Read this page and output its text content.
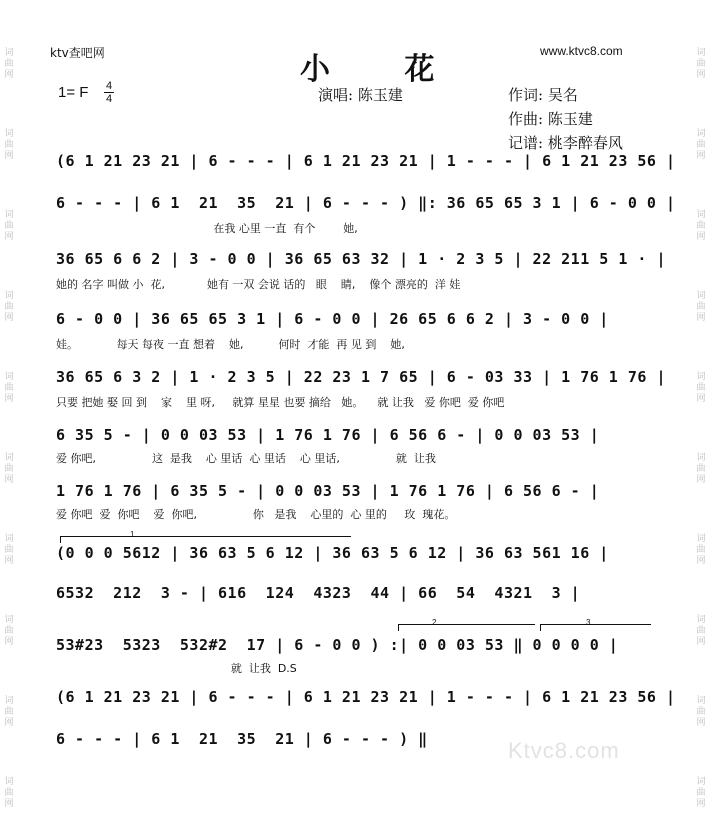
词曲网
词曲网
词曲网
词曲网
词曲网
词曲网
词曲网
词曲网
词曲网
词曲网
词曲网
词曲网
词曲网
词曲网
词曲网
词曲网
词曲网
词曲网
词曲网
词曲网
ktv查吧网	www.ktvc8.com
小 花
1= F $\frac{4}{4}$	演唱: 陈玉建	作词: 吴名
作曲: 陈玉建
记谱: 桃李醉春风
(6 1 21 23 21 | 6 - - - | 6 1 21 23 21 | 1 - - - | 6 1 21 23 56 |
6 - - - | 6 1  21  35  21 | 6 - - - ) ‖: 36 65 65 3 1 | 6 - 0 0 |
在我 心里 一直  有个        她,
36 65 6 6 2 | 3 - 0 0 | 36 65 63 32 | 1 · 2 3 5 | 22 211 5 1 · |
她的 名字 叫做 小  花,            她有 一双 会说 话的   眼    睛,    像个 漂亮的  洋 娃
6 - 0 0 | 36 65 65 3 1 | 6 - 0 0 | 26 65 6 6 2 | 3 - 0 0 |
娃。           每天 每夜 一直 想着    她,          何时  才能  再 见 到    她,
36 65 6 3 2 | 1 · 2 3 5 | 22 23 1 7 65 | 6 - 03 33 | 1 76 1 76 |
只要 把她 娶 回 到    家    里 呀,     就算 星星 也要 摘给   她。    就 让我   爱 你吧  爱 你吧
6 35 5 - | 0 0 03 53 | 1 76 1 76 | 6 56 6 - | 0 0 03 53 |
爱 你吧,                这  是我    心 里话  心 里话    心 里话,                就  让我
1 76 1 76 | 6 35 5 - | 0 0 03 53 | 1 76 1 76 | 6 56 6 - |
爱 你吧  爱  你吧    爱  你吧,                你   是我    心里的  心 里的     玫  瑰花。
1
(0 0 0 5612 | 36 63 5 6 12 | 36 63 5 6 12 | 36 63 561 16 |
6532  212  3 - | 616  124  4323  44 | 66  54  4321  3 |
2	3
53#23  5323  532#2  17 | 6 - 0 0 ) :| 0 0 03 53 ‖ 0 0 0 0 |
就  让我  D.S
(6 1 21 23 21 | 6 - - - | 6 1 21 23 21 | 1 - - - | 6 1 21 23 56 |
6 - - - | 6 1  21  35  21 | 6 - - - ) ‖	Ktvc8.com
